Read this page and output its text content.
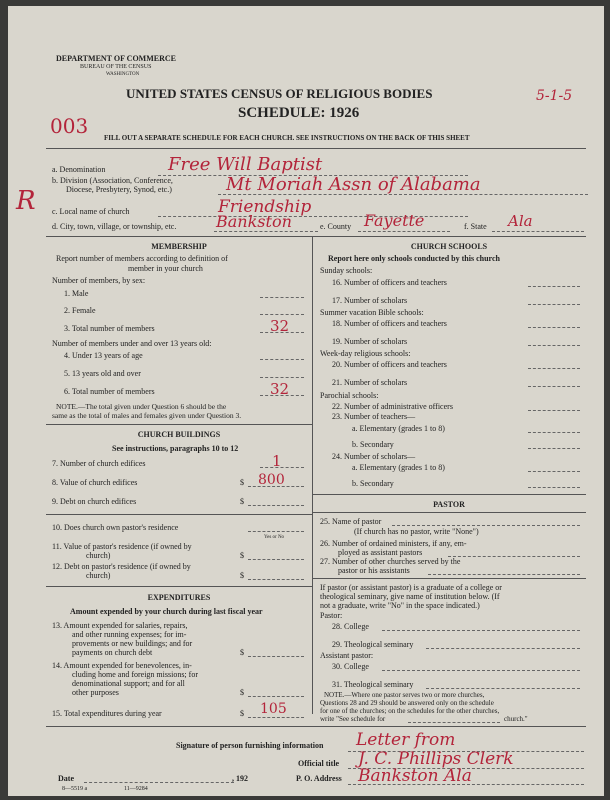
DEPARTMENT OF COMMERCE
BUREAU OF THE CENSUS
WASHINGTON
UNITED STATES CENSUS OF RELIGIOUS BODIES
SCHEDULE: 1926
003
5-1-5
FILL OUT A SEPARATE SCHEDULE FOR EACH CHURCH. SEE INSTRUCTIONS ON THE BACK OF THIS SHEET
R
a. Denomination	Free Will Baptist
b. Division (Association, Conference,
Diocese, Presbytery, Synod, etc.)	Mt Moriah Assn of Alabama
c. Local name of church	Friendship
d. City, town, village, or township, etc. Bankston	e. County Fayette	f. State Ala
MEMBERSHIP
Report number of members according to definition of
member in your church
Number of members, by sex:
1. Male
2. Female
3. Total number of members	32
Number of members under and over 13 years old:
4. Under 13 years of age
5. 13 years old and over
6. Total number of members	32
NOTE.—The total given under Question 6 should be the
same as the total of males and females given under Question 3.
CHURCH BUILDINGS
See instructions, paragraphs 10 to 12
7. Number of church edifices	1
8. Value of church edifices	$ 800
9. Debt on church edifices	$
10. Does church own pastor's residence
Yes or No
11. Value of pastor's residence (if owned by
church)	$
12. Debt on pastor's residence (if owned by
church)	$
EXPENDITURES
Amount expended by your church during last fiscal year
13. Amount expended for salaries, repairs,
and other running expenses; for im-
provements or new buildings; and for
payments on church debt	$
14. Amount expended for benevolences, in-
cluding home and foreign missions; for
denominational support; and for all
other purposes	$
15. Total expenditures during year	$ 105
CHURCH SCHOOLS
Report here only schools conducted by this church
Sunday schools:
16. Number of officers and teachers
17. Number of scholars
Summer vacation Bible schools:
18. Number of officers and teachers
19. Number of scholars
Week-day religious schools:
20. Number of officers and teachers
21. Number of scholars
Parochial schools:
22. Number of administrative officers
23. Number of teachers—
a. Elementary (grades 1 to 8)
b. Secondary
24. Number of scholars—
a. Elementary (grades 1 to 8)
b. Secondary
PASTOR
25. Name of pastor
(If church has no pastor, write "None")
26. Number of ordained ministers, if any, em-
ployed as assistant pastors
27. Number of other churches served by the
pastor or his assistants
If pastor (or assistant pastor) is a graduate of a college or
theological seminary, give name of institution below. (If
not a graduate, write "No" in the space indicated.)
Pastor:
28. College
29. Theological seminary
Assistant pastor:
30. College
31. Theological seminary
NOTE.—Where one pastor serves two or more churches,
Questions 28 and 29 should be answered only on the schedule
for one of the churches; on the schedules for the other churches,
write "See schedule for	church."
Signature of person furnishing information Letter from
Official title J. C. Phillips Clerk
Date	, 192	P. O. Address Bankston Ala
8—5519 a	11—9284
